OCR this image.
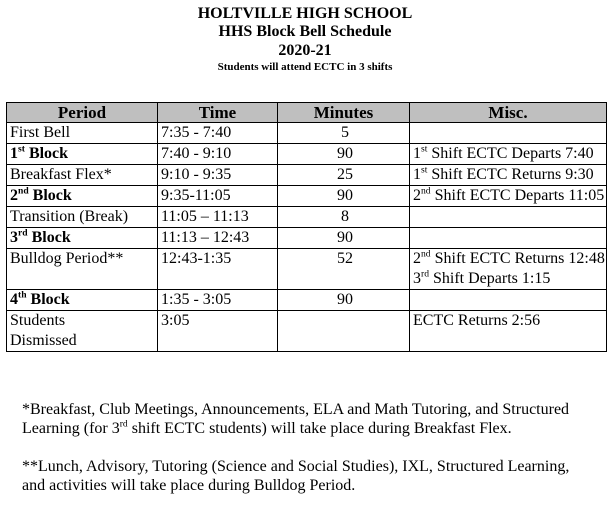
HOLTVILLE HIGH SCHOOL
HHS Block Bell Schedule
2020-21
Students will attend ECTC in 3 shifts
Period	Time	Minutes	Misc.
First Bell	7:35 - 7:40	5	
1st Block	7:40 - 9:10	90	1st Shift ECTC Departs 7:40

Breakfast Flex*	9:10 - 9:35	25	1st Shift ECTC Returns 9:30

2nd Block	9:35-11:05	90	2nd Shift ECTC Departs 11:05

Transition (Break)	11:05 – 11:13	8	
3rd Block	11:13 – 12:43	90	
Bulldog Period**	12:43-1:35	52	2nd Shift ECTC Returns 12:48
3rd Shift Departs 1:15

4th Block	1:35 - 3:05	90	

Students
Dismissed	3:05		ECTC Returns 2:56

*Breakfast, Club Meetings, Announcements, ELA and Math Tutoring, and Structured Learning (for 3rd shift ECTC students) will take place during Breakfast Flex.

**Lunch, Advisory, Tutoring (Science and Social Studies), IXL, Structured Learning, and activities will take place during Bulldog Period.
